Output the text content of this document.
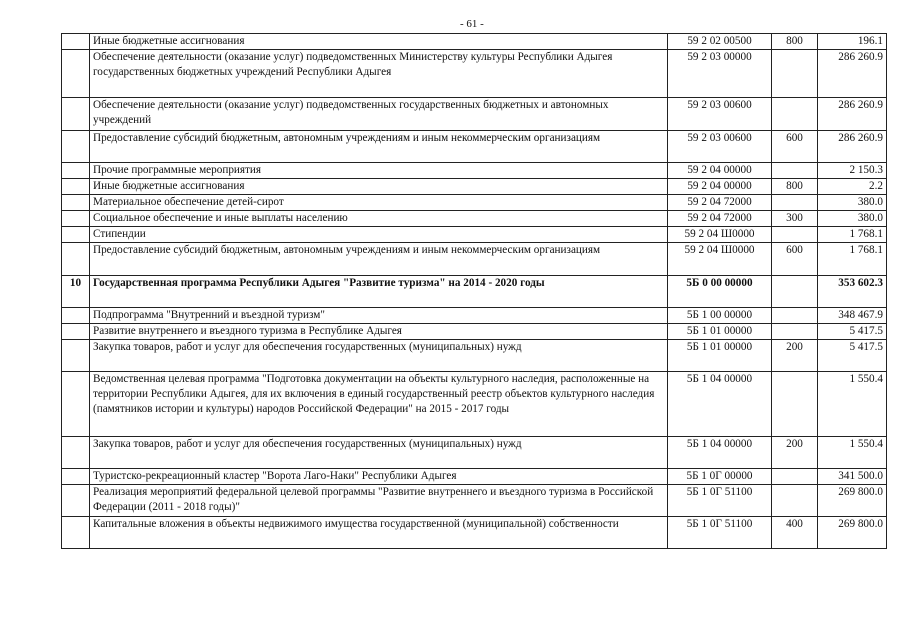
- 61 -
	Иные бюджетные ассигнования	59 2 02 00500	800	196.1
	Обеспечение деятельности (оказание услуг) подведомственных Министерству культуры Республики Адыгея государственных бюджетных учреждений Республики Адыгея	59 2 03 00000		286 260.9
	Обеспечение деятельности (оказание услуг) подведомственных государственных бюджетных и автономных учреждений	59 2 03 00600		286 260.9
	Предоставление субсидий бюджетным, автономным учреждениям и иным некоммерческим организациям	59 2 03 00600	600	286 260.9
	Прочие программные мероприятия	59 2 04 00000		2 150.3
	Иные бюджетные ассигнования	59 2 04 00000	800	2.2
	Материальное обеспечение детей-сирот	59 2 04 72000		380.0
	Социальное обеспечение и иные выплаты населению	59 2 04 72000	300	380.0
	Стипендии	59 2 04 Ш0000		1 768.1
	Предоставление субсидий бюджетным, автономным учреждениям и иным некоммерческим организациям	59 2 04 Ш0000	600	1 768.1
10	Государственная программа Республики Адыгея "Развитие туризма" на 2014 - 2020 годы	5Б 0 00 00000		353 602.3
	Подпрограмма "Внутренний и въездной туризм"	5Б 1 00 00000		348 467.9
	Развитие внутреннего и въездного туризма в Республике Адыгея	5Б 1 01 00000		5 417.5
	Закупка товаров, работ и услуг для обеспечения государственных (муниципальных) нужд	5Б 1 01 00000	200	5 417.5
	Ведомственная целевая программа "Подготовка документации на объекты культурного наследия, расположенные на территории Республики Адыгея, для их включения в единый государственный реестр объектов культурного наследия (памятников истории и культуры) народов Российской Федерации" на 2015 - 2017 годы	5Б 1 04 00000		1 550.4
	Закупка товаров, работ и услуг для обеспечения государственных (муниципальных) нужд	5Б 1 04 00000	200	1 550.4
	Туристско-рекреационный кластер "Ворота Лаго-Наки" Республики Адыгея	5Б 1 0Г 00000		341 500.0
	Реализация мероприятий федеральной целевой программы "Развитие внутреннего и въездного туризма в Российской Федерации (2011 - 2018 годы)"	5Б 1 0Г 51100		269 800.0
	Капитальные вложения в объекты недвижимого имущества государственной (муниципальной) собственности	5Б 1 0Г 51100	400	269 800.0
